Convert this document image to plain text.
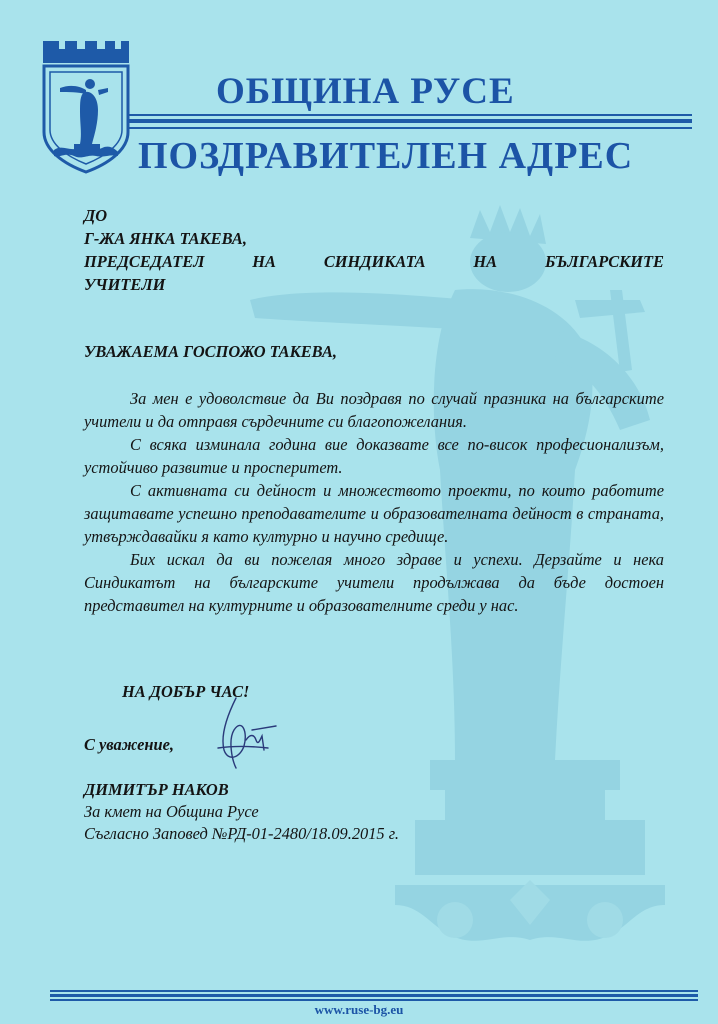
ОБЩИНА РУСЕ
ПОЗДРАВИТЕЛЕН АДРЕС
ДО
Г-ЖА ЯНКА ТАКЕВА,
ПРЕДСЕДАТЕЛ НА СИНДИКАТА НА БЪЛГАРСКИТЕ
УЧИТЕЛИ
УВАЖАЕМА ГОСПОЖО ТАКЕВА,

За мен е удоволствие да Ви поздравя по случай празника на българските учители и да отправя сърдечните си благопожелания.

С всяка изминала година вие доказвате все по-висок професионализъм, устойчиво развитие и просперитет.

С активната си дейност и множеството проекти, по които работите защитавате успешно преподавателите и образователната дейност в страната, утвърждавайки я като културно и научно средище.

Бих искал да ви пожелая много здраве и успехи. Дерзайте и нека Синдикатът на българските учители продължава да бъде достоен представител на културните и образователните среди у нас.

НА ДОБЪР ЧАС!
С уважение,
ДИМИТЪР НАКОВ
За кмет на Община Русе
Съгласно Заповед №РД-01-2480/18.09.2015 г.
www.ruse-bg.eu
